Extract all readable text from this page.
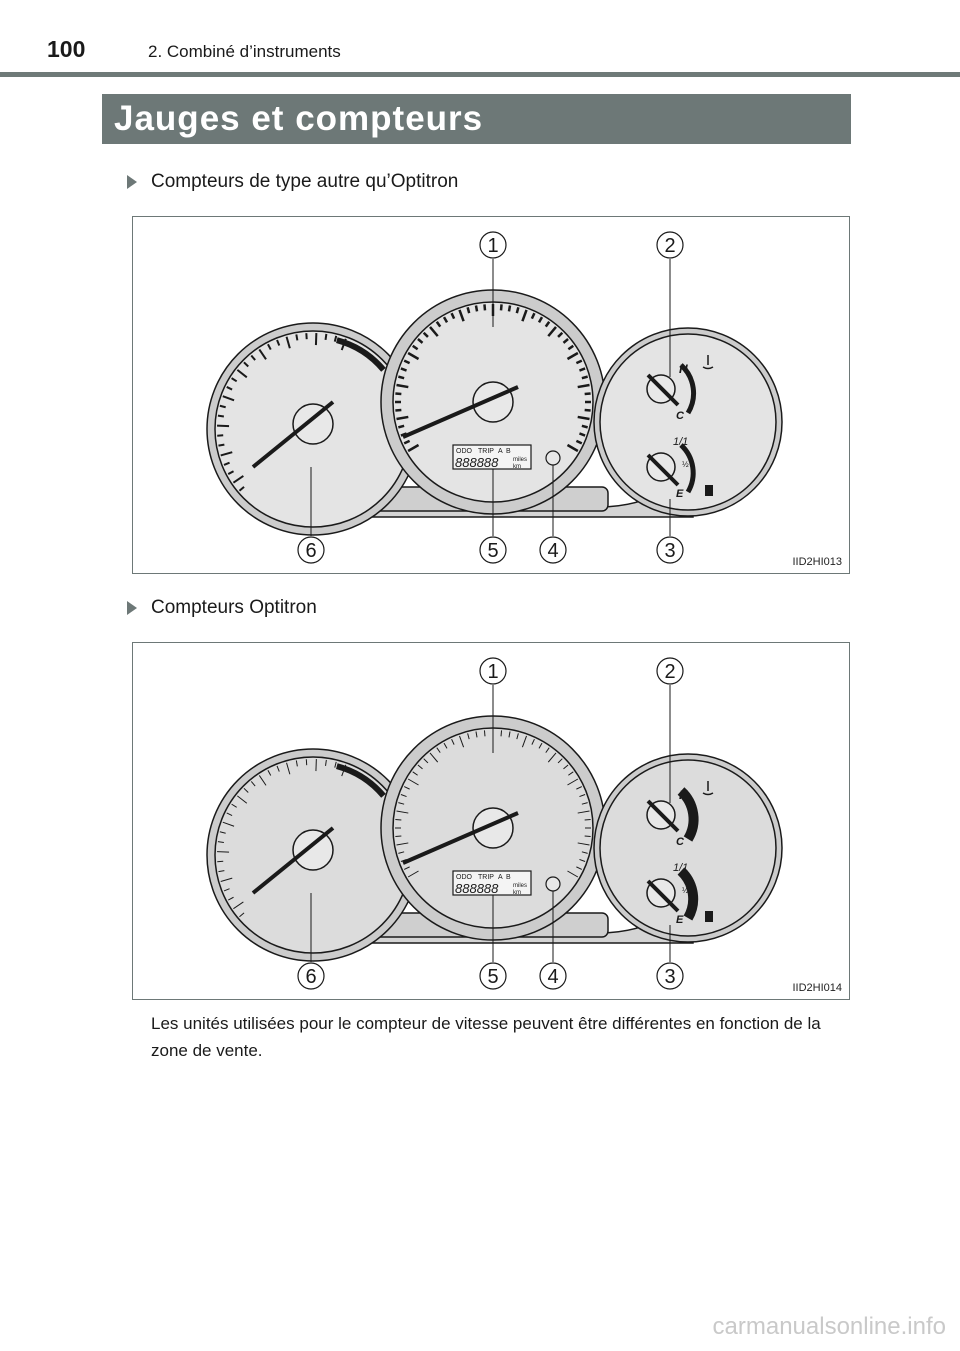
100	2. Combiné d’instruments
Jauges et compteurs
Compteurs de type autre qu’Optitron
ODO TRIP A B
888888 miles
km
H
C
1/1
½
E
1	2
3
4
5
6	IID2HI013
Compteurs Optitron
ODO TRIP A B
888888 miles
km
H
C
1/1
½
E
1	2
3
4
5
6	IID2HI014
Les unités utilisées pour le compteur de vitesse peuvent être différentes en fonction de la zone de vente.
carmanualsonline.info
